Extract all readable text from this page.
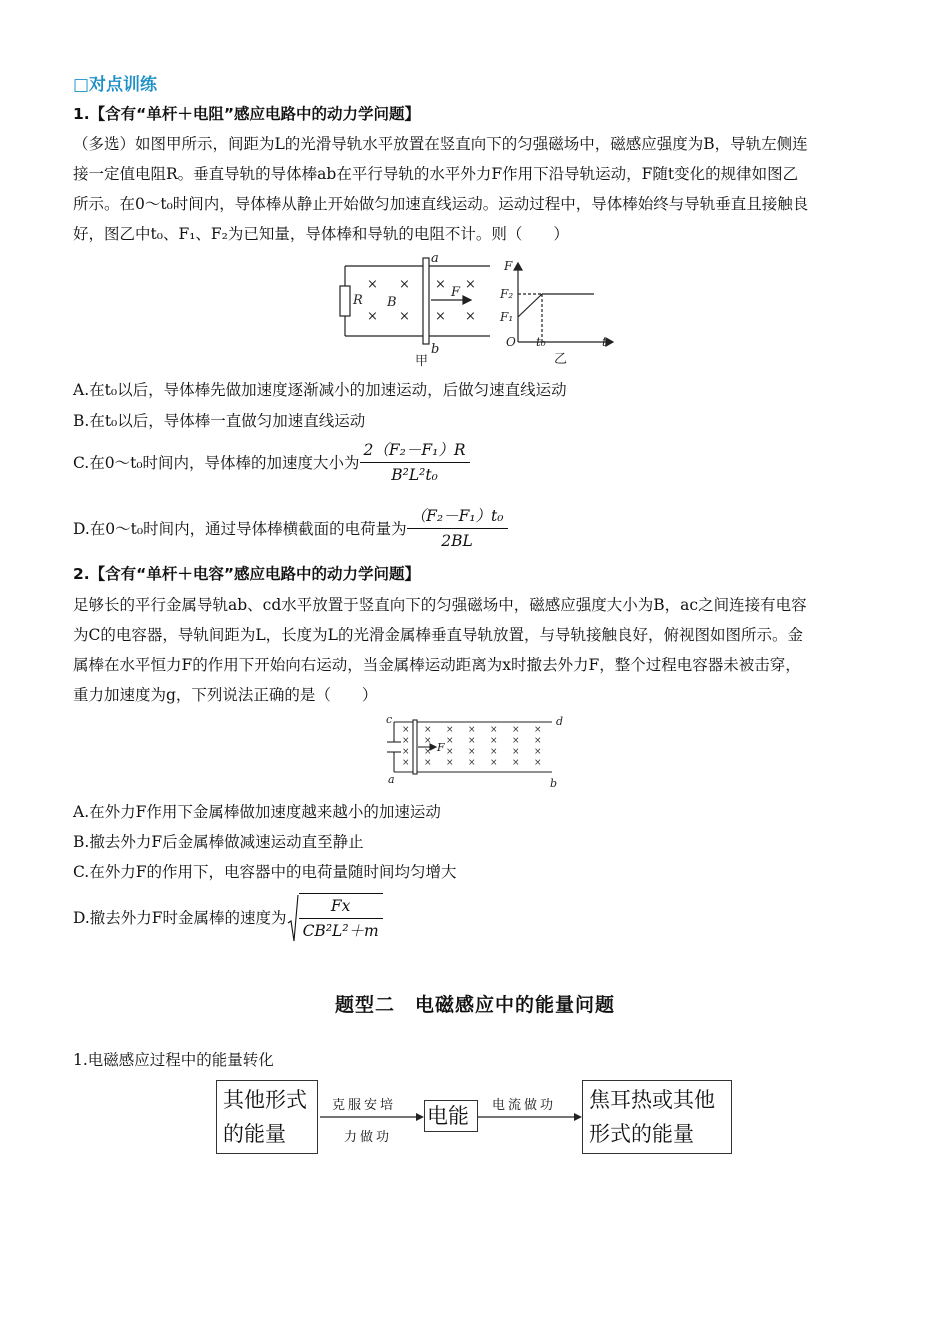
□对点训练
1.【含有“单杆＋电阻”感应电路中的动力学问题】
（多选）如图甲所示，间距为L的光滑导轨水平放置在竖直向下的匀强磁场中，磁感应强度为B，导轨左侧连
接一定值电阻R。垂直导轨的导体棒ab在平行导轨的水平外力F作用下沿导轨运动，F随t变化的规律如图乙
所示。在0～t₀时间内，导体棒从静止开始做匀加速直线运动。运动过程中，导体棒始终与导轨垂直且接触良
好，图乙中t₀、F₁、F₂为已知量，导体棒和导轨的电阻不计。则（　　）
× ×
× ×
× ×
× ×
R B
F
a
b
甲
F
F₂
F₁
O t₀	t
乙
A.在t₀以后，导体棒先做加速度逐渐减小的加速运动，后做匀速直线运动
B.在t₀以后，导体棒一直做匀加速直线运动
C.在0～t₀时间内，导体棒的加速度大小为 $\frac{\text{2（F₂－F₁）R}}{\text{B²L²t₀}}$
D.在0～t₀时间内，通过导体棒横截面的电荷量为 $\frac{\text{（F₂－F₁）t₀}}{2BL}$
2.【含有“单杆＋电容”感应电路中的动力学问题】
足够长的平行金属导轨ab、cd水平放置于竖直向下的匀强磁场中，磁感应强度大小为B，ac之间连接有电容
为C的电容器，导轨间距为L，长度为L的光滑金属棒垂直导轨放置，与导轨接触良好，俯视图如图所示。金
属棒在水平恒力F的作用下开始向右运动，当金属棒运动距离为x时撤去外力F，整个过程电容器未被击穿，
重力加速度为g，下列说法正确的是（　　）
× × × × × × ×
× × × × × × ×
× × × × × × ×
× × × × × × ×
c	d
a	b
F
A.在外力F作用下金属棒做加速度越来越小的加速运动
B.撤去外力F后金属棒做减速运动直至静止
C.在外力F的作用下，电容器中的电荷量随时间均匀增大
D.撤去外力F时金属棒的速度为 $\frac{Fx}{\text{CB²L²＋m}}$
题型二　电磁感应中的能量问题
1.电磁感应过程中的能量转化
其他形式
的能量
克服安培
力做功
电能	电流做功 焦耳热或其他
形式的能量
